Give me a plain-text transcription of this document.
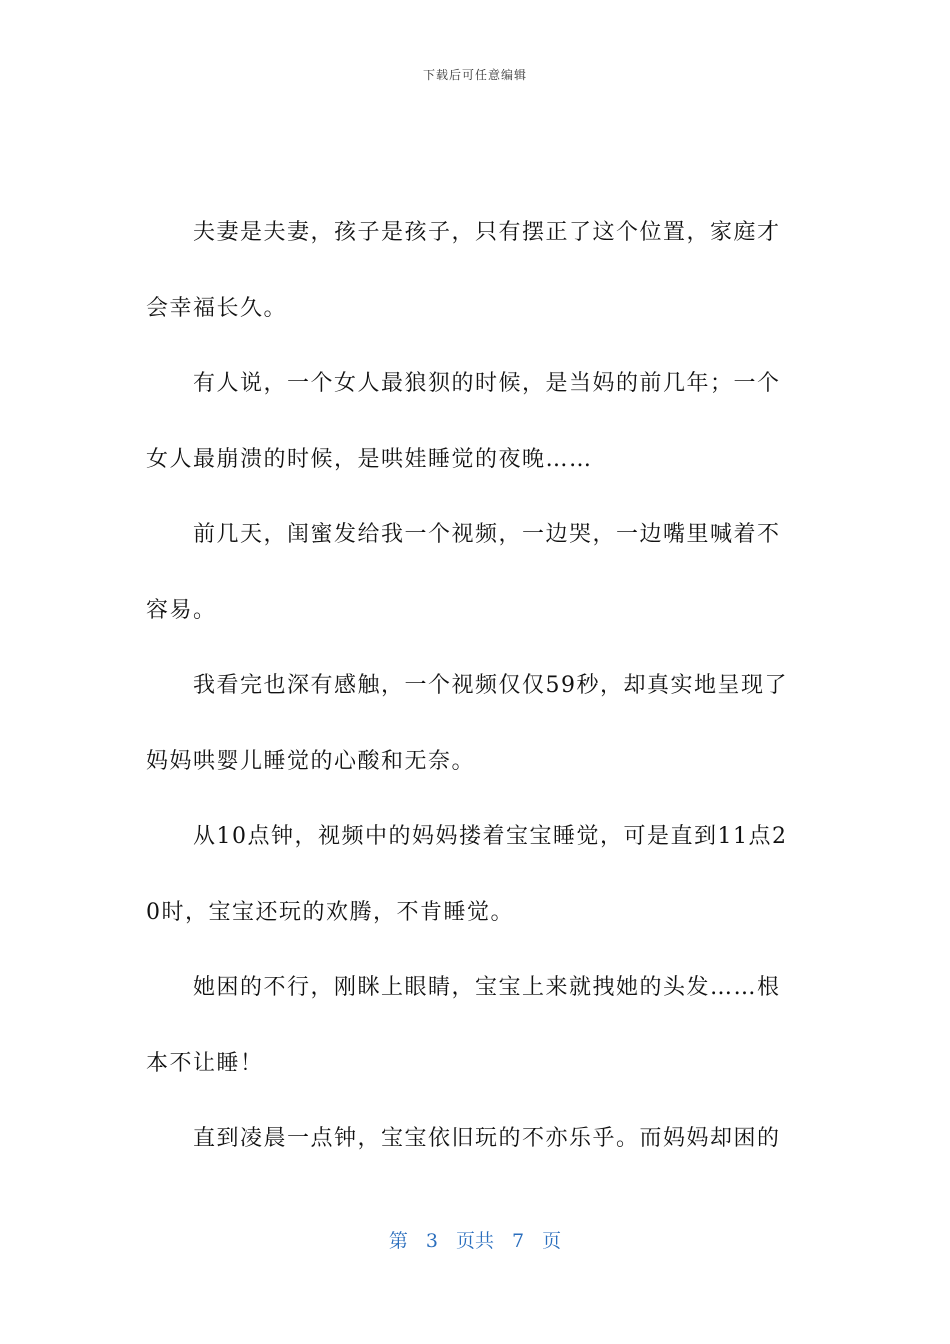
下载后可任意编辑

夫妻是夫妻，孩子是孩子，只有摆正了这个位置，家庭才会幸福长久。

有人说，一个女人最狼狈的时候，是当妈的前几年；一个女人最崩溃的时候，是哄娃睡觉的夜晚……

前几天，闺蜜发给我一个视频，一边哭，一边嘴里喊着不容易。

我看完也深有感触，一个视频仅仅59秒，却真实地呈现了妈妈哄婴儿睡觉的心酸和无奈。

从10点钟，视频中的妈妈搂着宝宝睡觉，可是直到11点20时，宝宝还玩的欢腾，不肯睡觉。

她困的不行，刚眯上眼睛，宝宝上来就拽她的头发……根本不让睡！

直到凌晨一点钟，宝宝依旧玩的不亦乐乎。而妈妈却困的

第 3 页共 7 页
